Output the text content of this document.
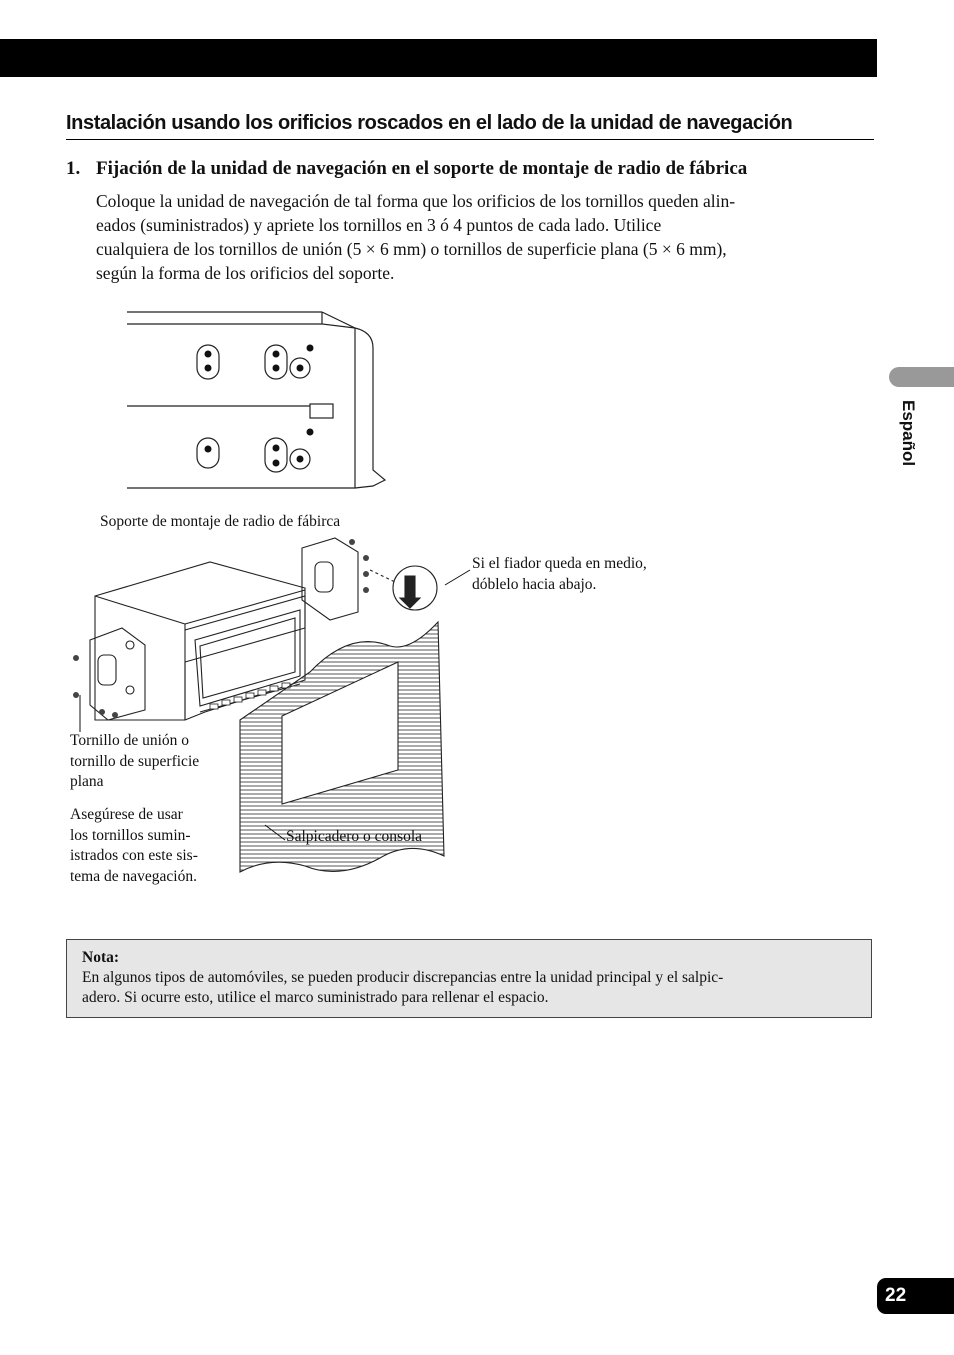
Instalación usando los orificios roscados en el lado de la unidad de navegación
1. Fijación de la unidad de navegación en el soporte de montaje de radio de fábrica
Coloque la unidad de navegación de tal forma que los orificios de los tornillos queden alin-
eados (suministrados) y apriete los tornillos en 3 ó 4 puntos de cada lado. Utilice
cualquiera de los tornillos de unión (5 × 6 mm) o tornillos de superficie plana (5 × 6 mm),
según la forma de los orificios del soporte.
Soporte de montaje de radio de fábirca
Si el fiador queda en medio,
dóblelo hacia abajo.
Tornillo de unión o
tornillo de superficie
plana
Asegúrese de usar
los tornillos sumin-
istrados con este sis-
tema de navegación.
Salpicadero o consola
Nota:
En algunos tipos de automóviles, se pueden producir discrepancias entre la unidad principal y el salpic-
adero. Si ocurre esto, utilice el marco suministrado para rellenar el espacio.
Español
22
